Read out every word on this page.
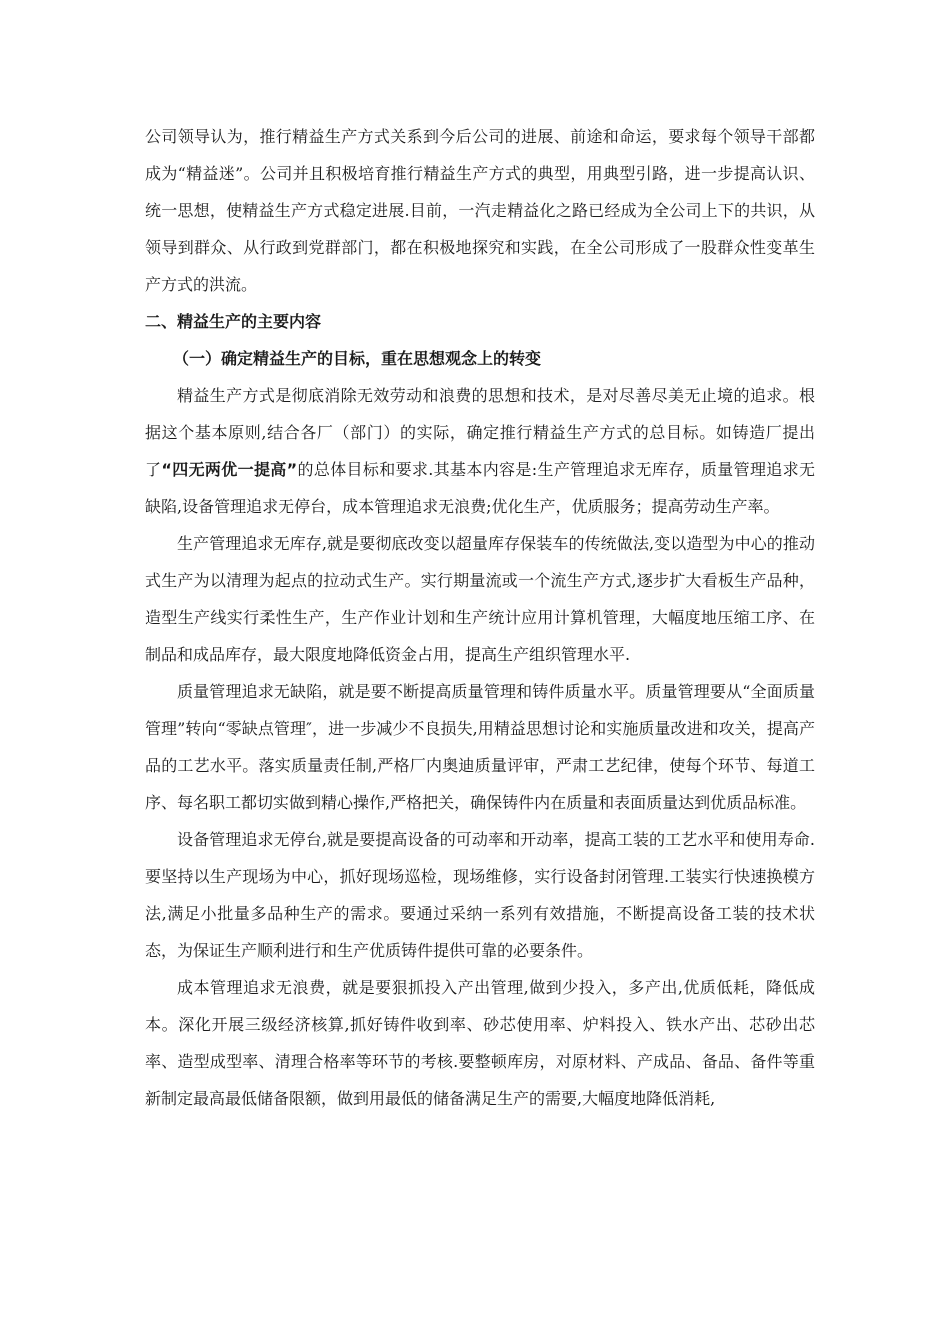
公司领导认为，推行精益生产方式关系到今后公司的进展、前途和命运，要求每个领导干部都成为“精益迷”。公司并且积极培育推行精益生产方式的典型，用典型引路，进一步提高认识、统一思想，使精益生产方式稳定进展.目前，一汽走精益化之路已经成为全公司上下的共识，从领导到群众、从行政到党群部门，都在积极地探究和实践，在全公司形成了一股群众性变革生产方式的洪流。

二、精益生产的主要内容

（一）确定精益生产的目标，重在思想观念上的转变

精益生产方式是彻底消除无效劳动和浪费的思想和技术，是对尽善尽美无止境的追求。根据这个基本原则,结合各厂（部门）的实际，确定推行精益生产方式的总目标。如铸造厂提出了“四无两优一提高”的总体目标和要求.其基本内容是:生产管理追求无库存，质量管理追求无缺陷,设备管理追求无停台，成本管理追求无浪费;优化生产，优质服务；提高劳动生产率。

生产管理追求无库存,就是要彻底改变以超量库存保装车的传统做法,变以造型为中心的推动式生产为以清理为起点的拉动式生产。实行期量流或一个流生产方式,逐步扩大看板生产品种，造型生产线实行柔性生产，生产作业计划和生产统计应用计算机管理，大幅度地压缩工序、在制品和成品库存，最大限度地降低资金占用，提高生产组织管理水平.

质量管理追求无缺陷，就是要不断提高质量管理和铸件质量水平。质量管理要从“全面质量管理”转向“零缺点管理″，进一步减少不良损失,用精益思想讨论和实施质量改进和攻关，提高产品的工艺水平。落实质量责任制,严格厂内奥迪质量评审，严肃工艺纪律，使每个环节、每道工序、每名职工都切实做到精心操作,严格把关，确保铸件内在质量和表面质量达到优质品标准。

设备管理追求无停台,就是要提高设备的可动率和开动率，提高工装的工艺水平和使用寿命.要坚持以生产现场为中心，抓好现场巡检，现场维修，实行设备封闭管理.工装实行快速换模方法,满足小批量多品种生产的需求。要通过采纳一系列有效措施，不断提高设备工装的技术状态，为保证生产顺利进行和生产优质铸件提供可靠的必要条件。

成本管理追求无浪费，就是要狠抓投入产出管理,做到少投入，多产出,优质低耗，降低成本。深化开展三级经济核算,抓好铸件收到率、砂芯使用率、炉料投入、铁水产出、芯砂出芯率、造型成型率、清理合格率等环节的考核.要整顿库房，对原材料、产成品、备品、备件等重新制定最高最低储备限额，做到用最低的储备满足生产的需要,大幅度地降低消耗,
